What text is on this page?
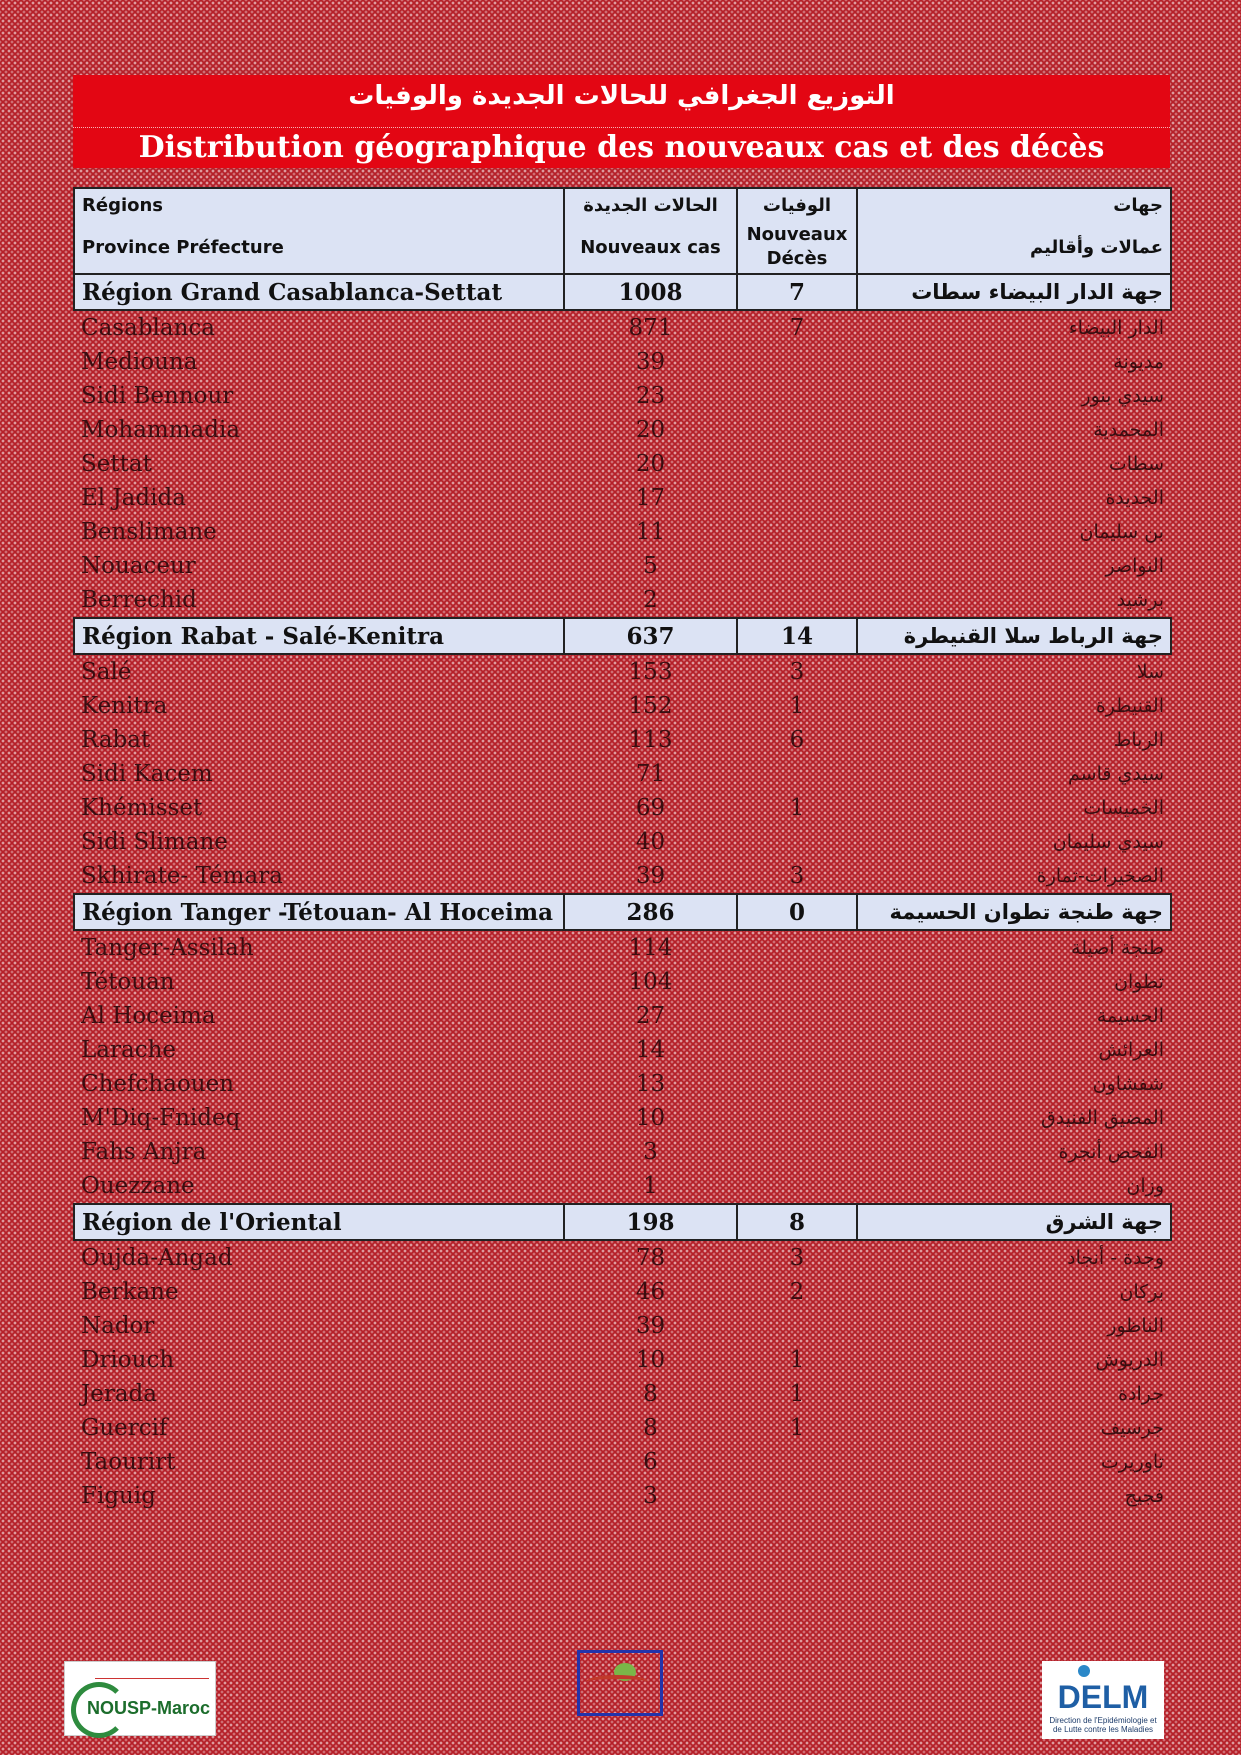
التوزيع الجغرافي للحالات الجديدة والوفيات
Distribution géographique des nouveaux cas et des décès
Régions	الحالات الجديدة	الوفيات	جهات
Province Préfecture	Nouveaux cas	Nouveaux Décès	عمالات وأقاليم
Région Grand Casablanca-Settat	1008	7	جهة الدار البيضاء سطات
Casablanca	871	7	الدار البيضاء
Médiouna	39		مديونة
Sidi Bennour	23		سيدي بنور
Mohammadia	20		المحمدية
Settat	20		سطات
El Jadida	17		الجديدة
Benslimane	11		بن سليمان
Nouaceur	5		النواصر
Berrechid	2		برشيد
Région Rabat - Salé-Kenitra	637	14	جهة الرباط سلا القنيطرة
Salé	153	3	سلا
Kenitra	152	1	القنيطرة
Rabat	113	6	الرباط
Sidi Kacem	71		سيدي قاسم
Khémisset	69	1	الخميسات
Sidi Slimane	40		سيدي سليمان
Skhirate- Témara	39	3	الصخيرات-تمارة
Région Tanger -Tétouan- Al Hoceima	286	0	جهة طنجة تطوان الحسيمة
Tanger-Assilah	114		طنجة أصيلة
Tétouan	104		تطوان
Al Hoceima	27		الحسيمة
Larache	14		العرائش
Chefchaouen	13		شفشاون
M'Diq-Fnideq	10		المضيق الفنيدق
Fahs Anjra	3		الفحص أنجرة
Ouezzane	1		وزان
Région de l'Oriental	198	8	جهة الشرق
Oujda-Angad	78	3	وجدة - أنجاد
Berkane	46	2	بركان
Nador	39		الناظور
Driouch	10	1	الدريوش
Jerada	8	1	جرادة
Guercif	8	1	جرسيف
Taourirt	6		تاوريرت
Figuig	3		فجيج
NOUSP-Maroc	DELM
Direction de l'Epidémiologie et de Lutte contre les Maladies
